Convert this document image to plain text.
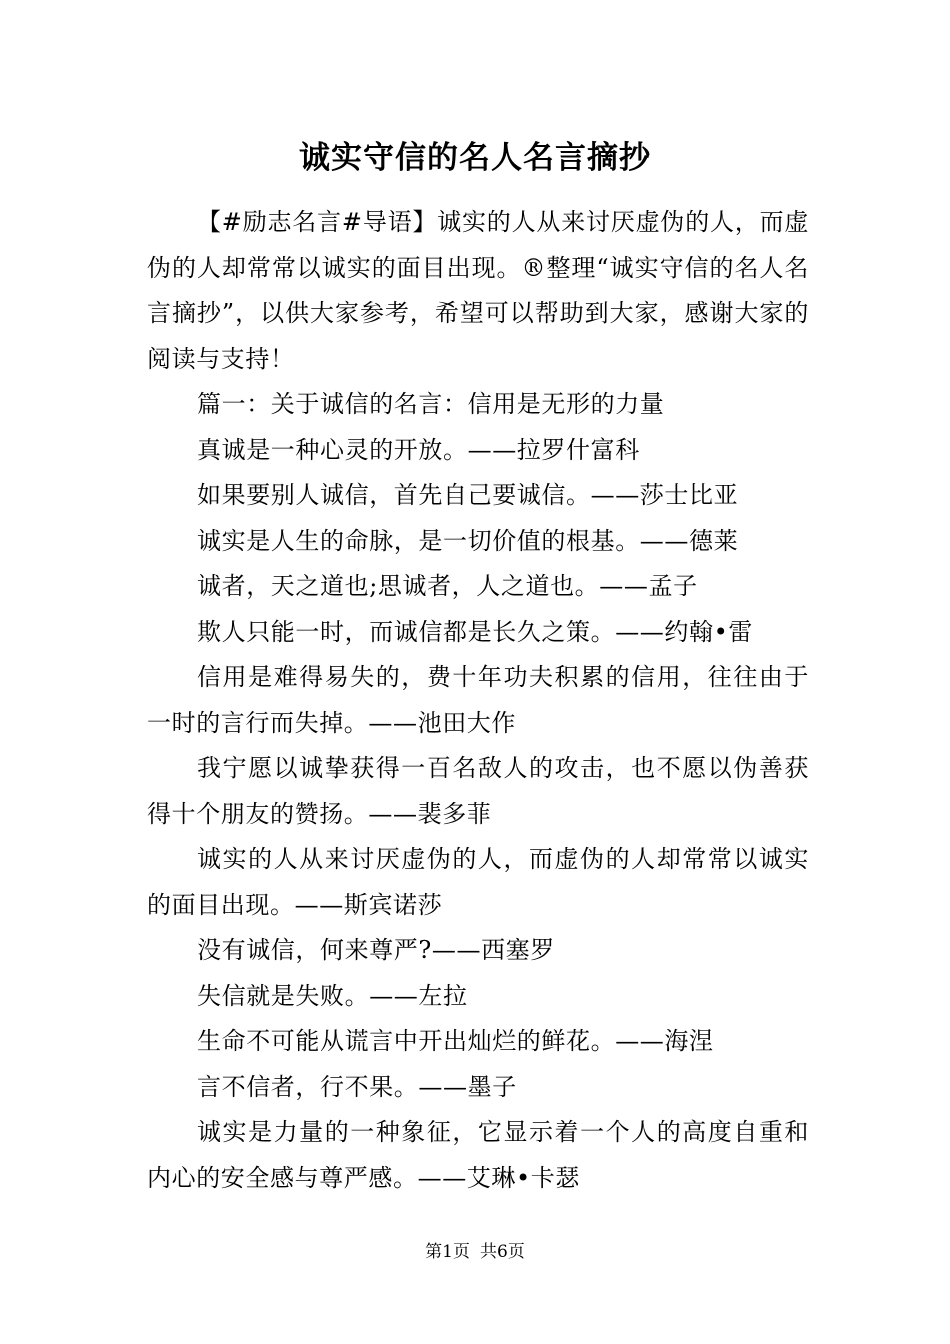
诚实守信的名人名言摘抄

【#励志名言#导语】诚实的人从来讨厌虚伪的人，而虚伪的人却常常以诚实的面目出现。®整理“诚实守信的名人名言摘抄”，以供大家参考，希望可以帮助到大家，感谢大家的阅读与支持！

篇一：关于诚信的名言：信用是无形的力量

真诚是一种心灵的开放。——拉罗什富科

如果要别人诚信，首先自己要诚信。——莎士比亚

诚实是人生的命脉，是一切价值的根基。——德莱

诚者，天之道也;思诚者，人之道也。——孟子

欺人只能一时，而诚信都是长久之策。——约翰•雷

信用是难得易失的，费十年功夫积累的信用，往往由于一时的言行而失掉。——池田大作

我宁愿以诚挚获得一百名敌人的攻击，也不愿以伪善获得十个朋友的赞扬。——裴多菲

诚实的人从来讨厌虚伪的人，而虚伪的人却常常以诚实的面目出现。——斯宾诺莎

没有诚信，何来尊严?——西塞罗

失信就是失败。——左拉

生命不可能从谎言中开出灿烂的鲜花。——海涅

言不信者，行不果。——墨子

诚实是力量的一种象征，它显示着一个人的高度自重和内心的安全感与尊严感。——艾琳•卡瑟

第1页 共6页
